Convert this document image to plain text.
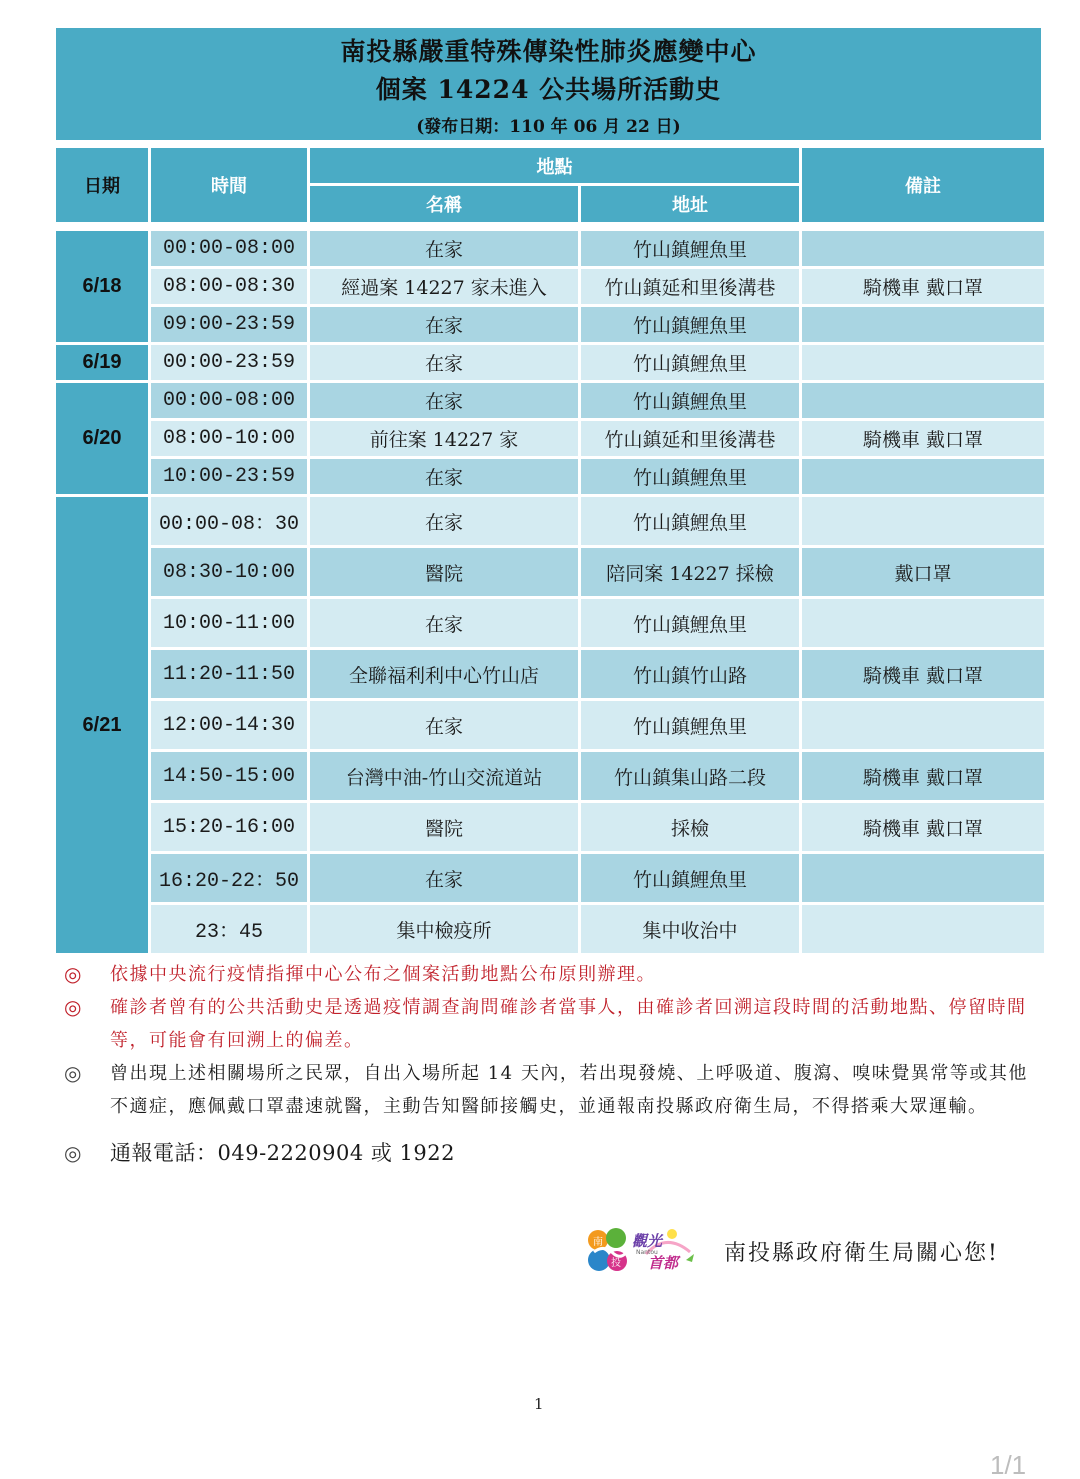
南投縣嚴重特殊傳染性肺炎應變中心
個案 14224 公共場所活動史
(發布日期：110 年 06 月 22 日)
日期	時間	地點		備註
		名稱	地址	

6/18	00:00-08:00	在家	竹山鎮鯉魚里	
	08:00-08:30	經過案 14227 家未進入	竹山鎮延和里後溝巷	騎機車 戴口罩
	09:00-23:59	在家	竹山鎮鯉魚里	
6/19	00:00-23:59	在家	竹山鎮鯉魚里	
6/20	00:00-08:00	在家	竹山鎮鯉魚里	
	08:00-10:00	前往案 14227 家	竹山鎮延和里後溝巷	騎機車 戴口罩
	10:00-23:59	在家	竹山鎮鯉魚里	
6/21	00:00-08：30	在家	竹山鎮鯉魚里	
	08:30-10:00	醫院	陪同案 14227 採檢	戴口罩
	10:00-11:00	在家	竹山鎮鯉魚里	
	11:20-11:50	全聯福利利中心竹山店	竹山鎮竹山路	騎機車 戴口罩
	12:00-14:30	在家	竹山鎮鯉魚里	
	14:50-15:00	台灣中油-竹山交流道站	竹山鎮集山路二段	騎機車 戴口罩
	15:20-16:00	醫院	採檢	騎機車 戴口罩
	16:20-22：50	在家	竹山鎮鯉魚里	
	23：45	集中檢疫所	集中收治中	
◎ 依據中央流行疫情指揮中心公布之個案活動地點公布原則辦理。
◎ 確診者曾有的公共活動史是透過疫情調查詢問確診者當事人，由確診者回溯這段時間的活動地點、停留時間等，可能會有回溯上的偏差。
◎ 曾出現上述相關場所之民眾，自出入場所起 14 天內，若出現發燒、上呼吸道、腹瀉、嗅味覺異常等或其他不適症，應佩戴口罩盡速就醫，主動告知醫師接觸史，並通報南投縣政府衛生局，不得搭乘大眾運輸。
◎ 通報電話：049-2220904 或 1922
南
投
觀光
Nantou
首都 南投縣政府衛生局關心您!
1
1/1
